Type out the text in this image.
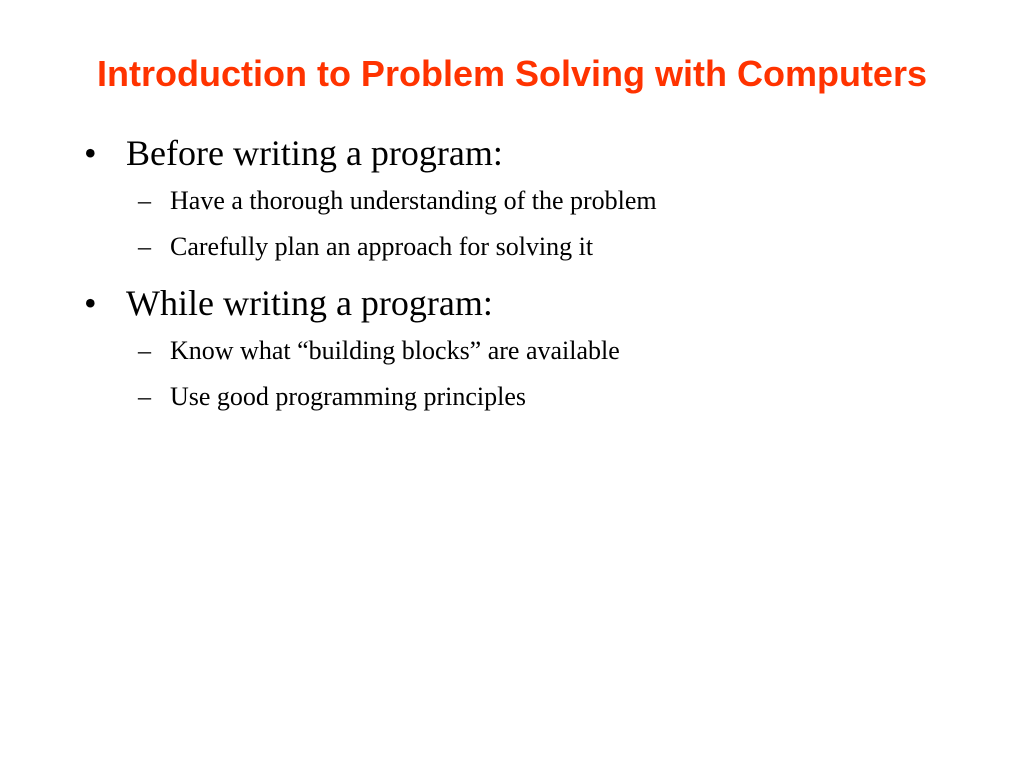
Introduction to Problem Solving with Computers
• Before writing a program:
– Have a thorough understanding of the problem
– Carefully plan an approach for solving it
• While writing a program:
– Know what “building blocks” are available
– Use good programming principles
